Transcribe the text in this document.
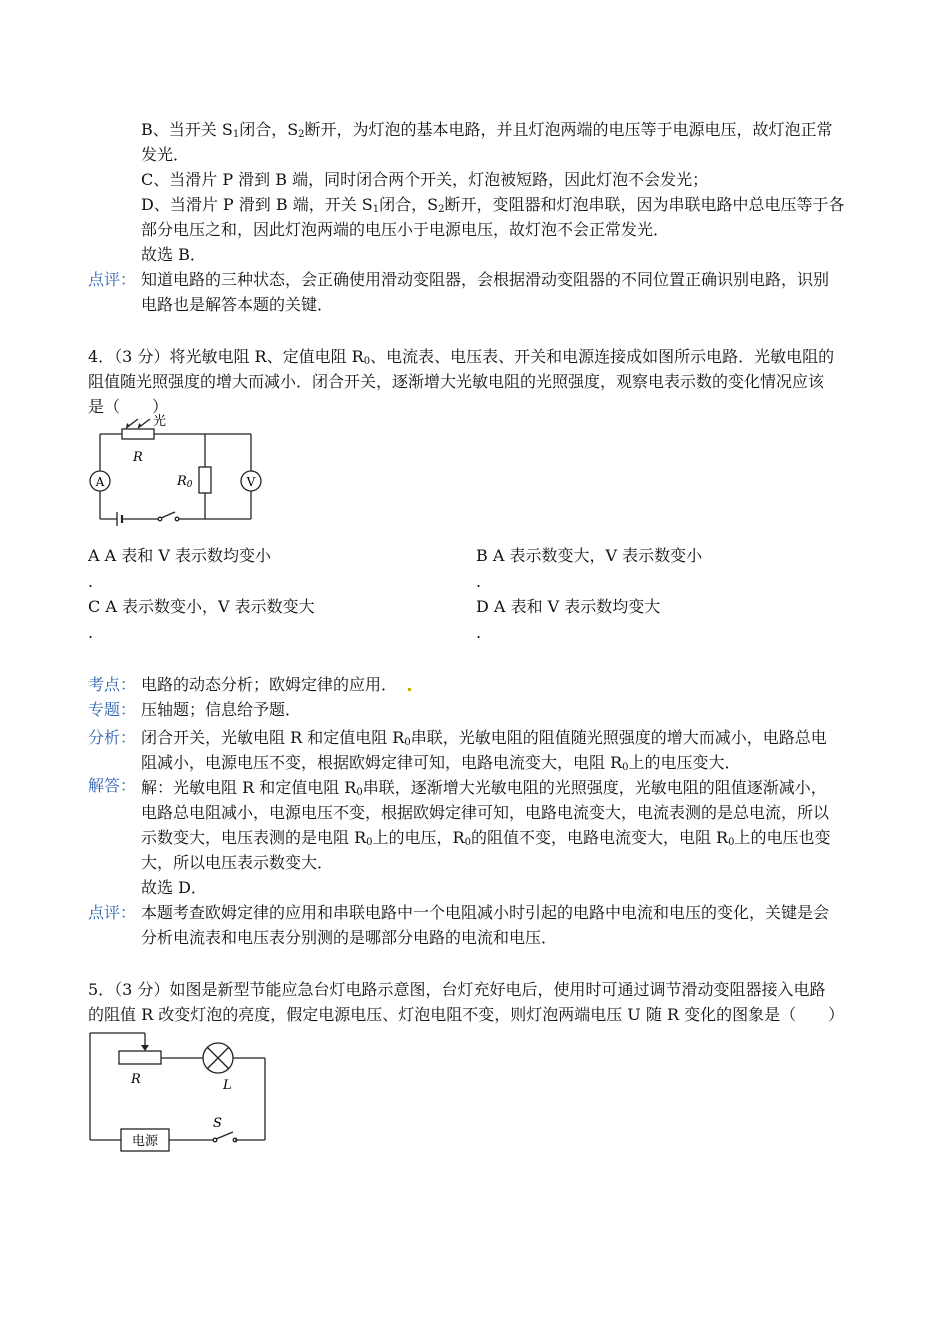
B、当开关 $S_1$闭合，$S_2$断开，为灯泡的基本电路，并且灯泡两端的电压等于电源电压，故灯泡正常
发光．
C、当滑片 P 滑到 B 端，同时闭合两个开关，灯泡被短路，因此灯泡不会发光；
D、当滑片 P 滑到 B 端，开关 $S_1$闭合，$S_2$断开，变阻器和灯泡串联，因为串联电路中总电压等于各
部分电压之和，因此灯泡两端的电压小于电源电压，故灯泡不会正常发光．
故选 B．
点评： 知道电路的三种状态，会正确使用滑动变阻器，会根据滑动变阻器的不同位置正确识别电路，识别
电路也是解答本题的关键．
4．（3 分）将光敏电阻 R、定值电阻 $R_0$、电流表、电压表、开关和电源连接成如图所示电路．光敏电阻的
阻值随光照强度的增大而减小．闭合开关，逐渐增大光敏电阻的光照强度，观察电表示数的变化情况应该
是（　　）
光
R
R0
A	V
A A 表和 V 表示数均变小
.
B A 表示数变大，V 表示数变小
.
C A 表示数变小，V 表示数变大
.
D A 表和 V 表示数均变大
.
考点： 电路的动态分析；欧姆定律的应用．
专题： 压轴题；信息给予题．
分析： 闭合开关，光敏电阻 R 和定值电阻 $R_0$串联，光敏电阻的阻值随光照强度的增大而减小，电路总电
阻减小，电源电压不变，根据欧姆定律可知，电路电流变大，电阻 $R_0$上的电压变大．
解答： 解：光敏电阻 R 和定值电阻 $R_0$串联，逐渐增大光敏电阻的光照强度，光敏电阻的阻值逐渐减小，
电路总电阻减小，电源电压不变，根据欧姆定律可知，电路电流变大，电流表测的是总电流，所以
示数变大，电压表测的是电阻 $R_0$上的电压，$R_0$的阻值不变，电路电流变大，电阻 $R_0$上的电压也变
大，所以电压表示数变大．
故选 D．
点评： 本题考查欧姆定律的应用和串联电路中一个电阻减小时引起的电路中电流和电压的变化，关键是会
分析电流表和电压表分别测的是哪部分电路的电流和电压．
5．（3 分）如图是新型节能应急台灯电路示意图，台灯充好电后，使用时可通过调节滑动变阻器接入电路
的阻值 R 改变灯泡的亮度，假定电源电压、灯泡电阻不变，则灯泡两端电压 U 随 R 变化的图象是（　　）
R	L
S
电源
